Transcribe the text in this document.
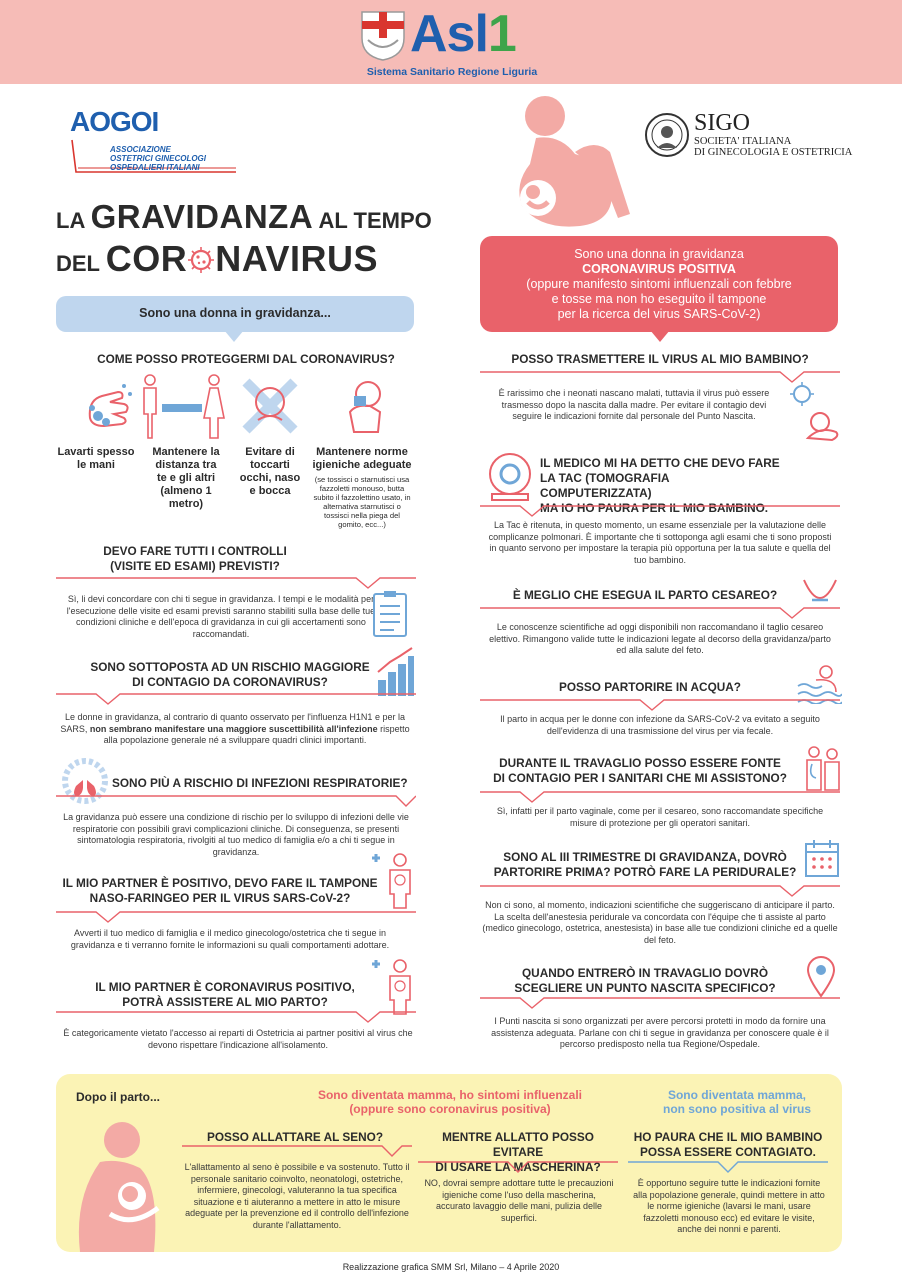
Asl1
Sistema Sanitario Regione Liguria
AOGOI
ASSOCIAZIONE
OSTETRICI GINECOLOGI
OSPEDALIERI ITALIANI
SIGO
SOCIETA' ITALIANA
DI GINECOLOGIA E OSTETRICIA
LA GRAVIDANZA AL TEMPO
DEL COR NAVIRUS
Sono una donna in gravidanza...
Sono una donna in gravidanza
CORONAVIRUS POSITIVA
(oppure manifesto sintomi influenzali con febbre
e tosse ma non ho eseguito il tampone
per la ricerca del virus SARS-CoV-2)
COME POSSO PROTEGGERMI DAL CORONAVIRUS?
Lavarti spesso le mani
Mantenere la distanza tra te e gli altri (almeno 1 metro)
Evitare di toccarti occhi, naso e bocca
Mantenere norme igieniche adeguate
(se tossisci o starnutisci usa fazzoletti monouso, butta subito il fazzolettino usato, in alternativa starnutisci o tossisci nella piega del gomito, ecc...)
DEVO FARE TUTTI I CONTROLLI
(VISITE ED ESAMI) PREVISTI?
Sì, li devi concordare con chi ti segue in gravidanza. I tempi e le modalità per l'esecuzione delle visite ed esami previsti saranno stabiliti sulla base delle tue condizioni cliniche e dell'epoca di gravidanza in cui gli accertamenti sono raccomandati.
SONO SOTTOPOSTA AD UN RISCHIO MAGGIORE
DI CONTAGIO DA CORONAVIRUS?
Le donne in gravidanza, al contrario di quanto osservato per l'influenza H1N1 e per la SARS, non sembrano manifestare una maggiore suscettibilità all'infezione rispetto alla popolazione generale né a sviluppare quadri clinici importanti.
SONO PIÙ A RISCHIO DI INFEZIONI RESPIRATORIE?
La gravidanza può essere una condizione di rischio per lo sviluppo di infezioni delle vie respiratorie con possibili gravi complicazioni cliniche. Di conseguenza, se presenti sintomatologia respiratoria, rivolgiti al tuo medico di famiglia e/o a chi ti segue in gravidanza.
IL MIO PARTNER È POSITIVO, DEVO FARE IL TAMPONE
NASO-FARINGEO PER IL VIRUS SARS-CoV-2?
Avverti il tuo medico di famiglia e il medico ginecologo/ostetrica che ti segue in gravidanza e ti verranno fornite le informazioni su quali comportamenti adottare.
IL MIO PARTNER È CORONAVIRUS POSITIVO,
POTRÀ ASSISTERE AL MIO PARTO?
È categoricamente vietato l'accesso ai reparti di Ostetricia ai partner positivi al virus che devono rispettare l'indicazione all'isolamento.
POSSO TRASMETTERE IL VIRUS AL MIO BAMBINO?
È rarissimo che i neonati nascano malati, tuttavia il virus può essere trasmesso dopo la nascita dalla madre. Per evitare il contagio devi seguire le indicazioni fornite dal personale del Punto Nascita.
IL MEDICO MI HA DETTO CHE DEVO FARE
LA TAC (TOMOGRAFIA COMPUTERIZZATA)
MA IO HO PAURA PER IL MIO BAMBINO.
La Tac è ritenuta, in questo momento, un esame essenziale per la valutazione delle complicanze polmonari. È importante che ti sottoponga agli esami che ti sono proposti in quanto servono per impostare la terapia più opportuna per la tua salute e quella del tuo bambino.
È MEGLIO CHE ESEGUA IL PARTO CESAREO?
Le conoscenze scientifiche ad oggi disponibili non raccomandano il taglio cesareo elettivo. Rimangono valide tutte le indicazioni legate al decorso della gravidanza/parto ed alla salute del feto.
POSSO PARTORIRE IN ACQUA?
Il parto in acqua per le donne con infezione da SARS-CoV-2 va evitato a seguito dell'evidenza di una trasmissione del virus per via fecale.
DURANTE IL TRAVAGLIO POSSO ESSERE FONTE
DI CONTAGIO PER I SANITARI CHE MI ASSISTONO?
Sì, infatti per il parto vaginale, come per il cesareo, sono raccomandate specifiche misure di protezione per gli operatori sanitari.
SONO AL III TRIMESTRE DI GRAVIDANZA, DOVRÒ
PARTORIRE PRIMA? POTRÒ FARE LA PERIDURALE?
Non ci sono, al momento, indicazioni scientifiche che suggeriscano di anticipare il parto. La scelta dell'anestesia peridurale va concordata con l'équipe che ti assiste al parto (medico ginecologo, ostetrica, anestesista) in base alle tue condizioni cliniche ed a quelle del feto.
QUANDO ENTRERÒ IN TRAVAGLIO DOVRÒ
SCEGLIERE UN PUNTO NASCITA SPECIFICO?
I Punti nascita si sono organizzati per avere percorsi protetti in modo da fornire una assistenza adeguata. Parlane con chi ti segue in gravidanza per conoscere quale è il percorso predisposto nella tua Regione/Ospedale.
Dopo il parto...	Sono diventata mamma, ho sintomi influenzali
(oppure sono coronavirus positiva)
Sono diventata mamma,
non sono positiva al virus
POSSO ALLATTARE AL SENO?
L'allattamento al seno è possibile e va sostenuto. Tutto il personale sanitario coinvolto, neonatologi, ostetriche, infermiere, ginecologi, valuteranno la tua specifica situazione e ti aiuteranno a mettere in atto le misure adeguate per la prevenzione ed il controllo dell'infezione durante l'allattamento.
MENTRE ALLATTO POSSO EVITARE
DI USARE LA MASCHERINA?
NO, dovrai sempre adottare tutte le precauzioni igieniche come l'uso della mascherina, accurato lavaggio delle mani, pulizia delle superfici.
HO PAURA CHE IL MIO BAMBINO
POSSA ESSERE CONTAGIATO.
È opportuno seguire tutte le indicazioni fornite alla popolazione generale, quindi mettere in atto le norme igieniche (lavarsi le mani, usare fazzoletti monouso ecc) ed evitare le visite, anche dei nonni e parenti.
Realizzazione grafica SMM Srl, Milano – 4 Aprile 2020
